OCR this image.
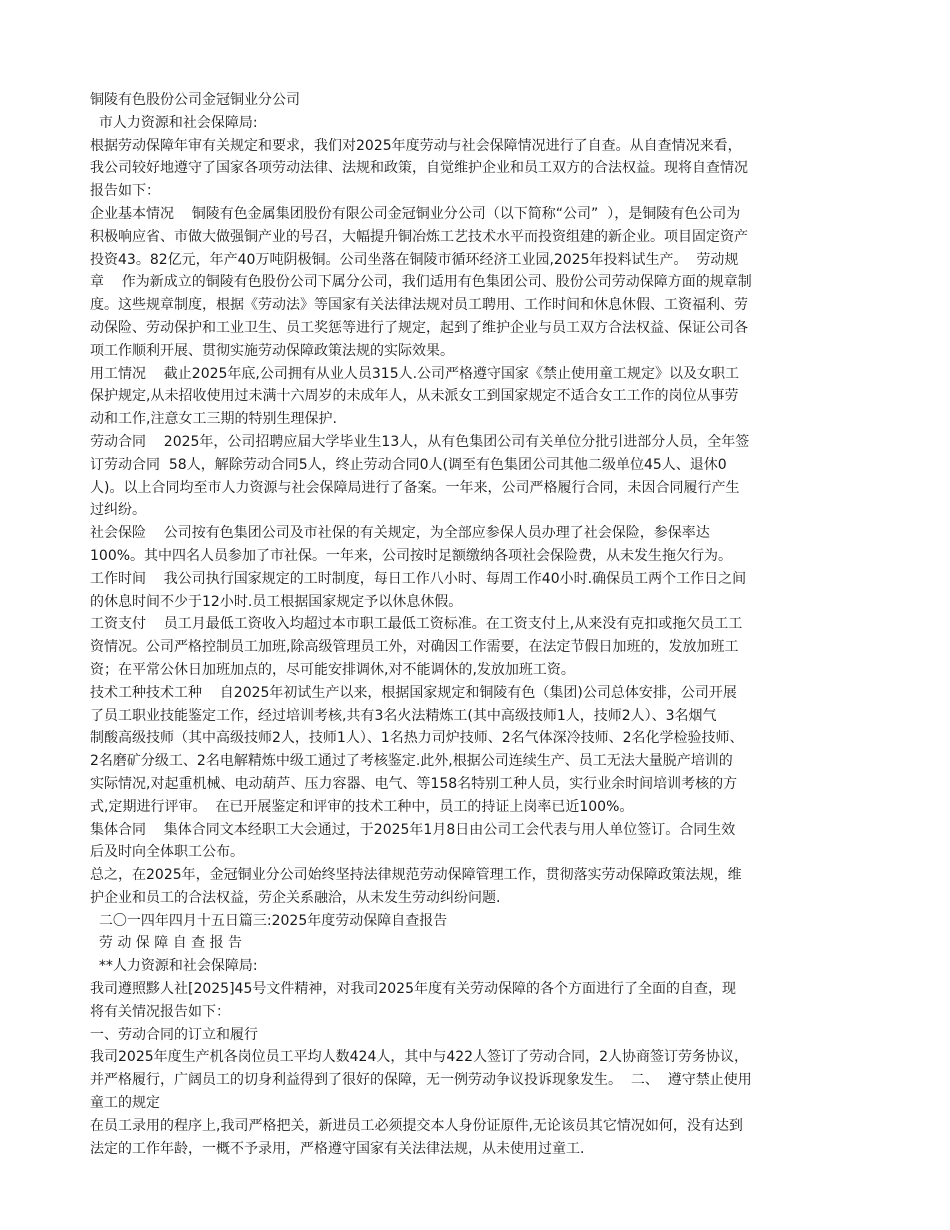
铜陵有色股份公司金冠铜业分公司
市人力资源和社会保障局:
根据劳动保障年审有关规定和要求，我们对2025年度劳动与社会保障情况进行了自查。从自查情况来看，
我公司较好地遵守了国家各项劳动法律、法规和政策，自觉维护企业和员工双方的合法权益。现将自查情况
报告如下：
企业基本情况    铜陵有色金属集团股份有限公司金冠铜业分公司（以下简称“公司”  ），是铜陵有色公司为
积极响应省、市做大做强铜产业的号召，大幅提升铜冶炼工艺技术水平而投资组建的新企业。项目固定资产
投资43。82亿元，年产40万吨阴极铜。公司坐落在铜陵市循环经济工业园,2025年投料试生产。  劳动规
章    作为新成立的铜陵有色股份公司下属分公司，我们适用有色集团公司、股份公司劳动保障方面的规章制
度。这些规章制度，根据《劳动法》等国家有关法律法规对员工聘用、工作时间和休息休假、工资福利、劳
动保险、劳动保护和工业卫生、员工奖惩等进行了规定，起到了维护企业与员工双方合法权益、保证公司各
项工作顺利开展、贯彻实施劳动保障政策法规的实际效果。
用工情况    截止2025年底,公司拥有从业人员315人.公司严格遵守国家《禁止使用童工规定》以及女职工
保护规定,从未招收使用过未满十六周岁的未成年人，从未派女工到国家规定不适合女工工作的岗位从事劳
动和工作,注意女工三期的特别生理保护.
劳动合同    2025年，公司招聘应届大学毕业生13人，从有色集团公司有关单位分批引进部分人员，全年签
订劳动合同  58人，解除劳动合同5人，终止劳动合同0人(调至有色集团公司其他二级单位45人、退休0
人)。以上合同均至市人力资源与社会保障局进行了备案。一年来，公司严格履行合同，未因合同履行产生
过纠纷。
社会保险    公司按有色集团公司及市社保的有关规定，为全部应参保人员办理了社会保险，参保率达
100%。其中四名人员参加了市社保。一年来，公司按时足额缴纳各项社会保险费，从未发生拖欠行为。
工作时间    我公司执行国家规定的工时制度，每日工作八小时、每周工作40小时.确保员工两个工作日之间
的休息时间不少于12小时.员工根据国家规定予以休息休假。
工资支付    员工月最低工资收入均超过本市职工最低工资标准。在工资支付上,从来没有克扣或拖欠员工工
资情况。公司严格控制员工加班,除高级管理员工外，对确因工作需要，在法定节假日加班的，发放加班工
资；在平常公休日加班加点的，尽可能安排调休,对不能调休的,发放加班工资。
技术工种技术工种    自2025年初试生产以来，根据国家规定和铜陵有色（集团)公司总体安排，公司开展
了员工职业技能鉴定工作，经过培训考核,共有3名火法精炼工(其中高级技师1人，技师2人）、3名烟气
制酸高级技师（其中高级技师2人，技师1人）、1名热力司炉技师、2名气体深冷技师、2名化学检验技师、
2名磨矿分级工、2名电解精炼中级工通过了考核鉴定.此外,根据公司连续生产、员工无法大量脱产培训的
实际情况,对起重机械、电动葫芦、压力容器、电气、等158名特别工种人员，实行业余时间培训考核的方
式,定期进行评审。  在已开展鉴定和评审的技术工种中，员工的持证上岗率已近100%。
集体合同    集体合同文本经职工大会通过，于2025年1月8日由公司工会代表与用人单位签订。合同生效
后及时向全体职工公布。
总之，在2025年，金冠铜业分公司始终坚持法律规范劳动保障管理工作，贯彻落实劳动保障政策法规，维
护企业和员工的合法权益，劳企关系融洽，从未发生劳动纠纷问题.
二〇一四年四月十五日篇三:2025年度劳动保障自查报告
劳 动 保 障 自 查 报 告
**人力资源和社会保障局:
我司遵照黟人社[2025]45号文件精神，对我司2025年度有关劳动保障的各个方面进行了全面的自查，现
将有关情况报告如下：
一、劳动合同的订立和履行
我司2025年度生产机各岗位员工平均人数424人，其中与422人签订了劳动合同，2人协商签订劳务协议，
并严格履行，广阔员工的切身利益得到了很好的保障，无一例劳动争议投诉现象发生。  二、  遵守禁止使用
童工的规定
在员工录用的程序上,我司严格把关，新进员工必须提交本人身份证原件,无论该员其它情况如何，没有达到
法定的工作年龄，一概不予录用，严格遵守国家有关法律法规，从未使用过童工.
